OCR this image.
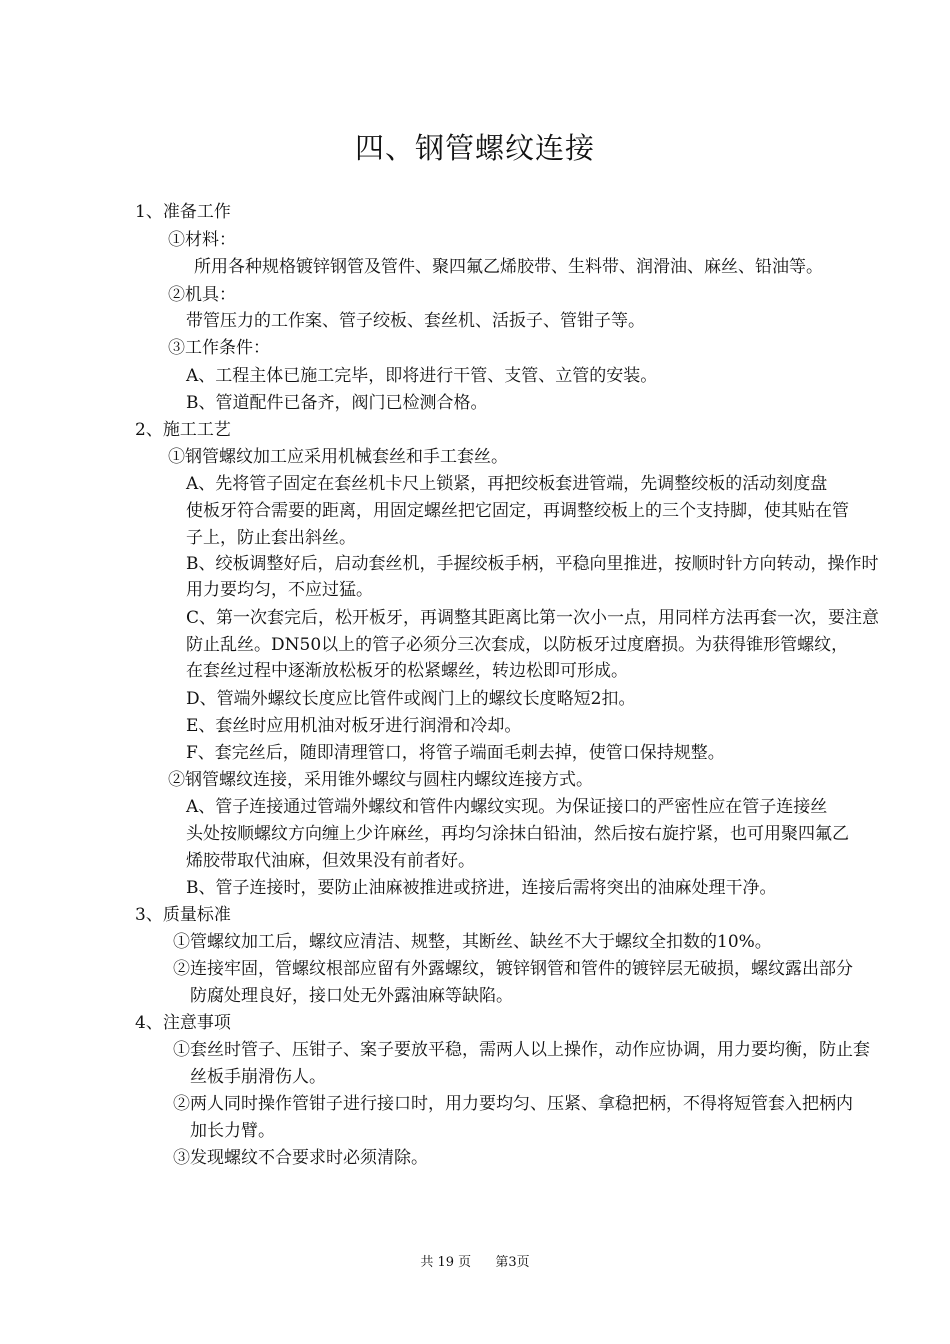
四、钢管螺纹连接
1、准备工作
①材料：
所用各种规格镀锌钢管及管件、聚四氟乙烯胶带、生料带、润滑油、麻丝、铅油等。
②机具：
带管压力的工作案、管子绞板、套丝机、活扳子、管钳子等。
③工作条件：
A、工程主体已施工完毕，即将进行干管、支管、立管的安装。
B、管道配件已备齐，阀门已检测合格。
2、施工工艺
①钢管螺纹加工应采用机械套丝和手工套丝。
A、先将管子固定在套丝机卡尺上锁紧，再把绞板套进管端，先调整绞板的活动刻度盘
使板牙符合需要的距离，用固定螺丝把它固定，再调整绞板上的三个支持脚，使其贴在管
子上，防止套出斜丝。
B、绞板调整好后，启动套丝机，手握绞板手柄，平稳向里推进，按顺时针方向转动，操作时
用力要均匀，不应过猛。
C、第一次套完后，松开板牙，再调整其距离比第一次小一点，用同样方法再套一次，要注意
防止乱丝。DN50以上的管子必须分三次套成，以防板牙过度磨损。为获得锥形管螺纹，
在套丝过程中逐渐放松板牙的松紧螺丝，转边松即可形成。
D、管端外螺纹长度应比管件或阀门上的螺纹长度略短2扣。
E、套丝时应用机油对板牙进行润滑和冷却。
F、套完丝后，随即清理管口，将管子端面毛刺去掉，使管口保持规整。
②钢管螺纹连接，采用锥外螺纹与圆柱内螺纹连接方式。
A、管子连接通过管端外螺纹和管件内螺纹实现。为保证接口的严密性应在管子连接丝
头处按顺螺纹方向缠上少许麻丝，再均匀涂抹白铅油，然后按右旋拧紧，也可用聚四氟乙
烯胶带取代油麻，但效果没有前者好。
B、管子连接时，要防止油麻被推进或挤进，连接后需将突出的油麻处理干净。
3、质量标准
①管螺纹加工后，螺纹应清洁、规整，其断丝、缺丝不大于螺纹全扣数的10%。
②连接牢固，管螺纹根部应留有外露螺纹，镀锌钢管和管件的镀锌层无破损，螺纹露出部分
防腐处理良好，接口处无外露油麻等缺陷。
4、注意事项
①套丝时管子、压钳子、案子要放平稳，需两人以上操作，动作应协调，用力要均衡，防止套
丝板手崩滑伤人。
②两人同时操作管钳子进行接口时，用力要均匀、压紧、拿稳把柄，不得将短管套入把柄内
加长力臂。
③发现螺纹不合要求时必须清除。
共 19 页 第3页
